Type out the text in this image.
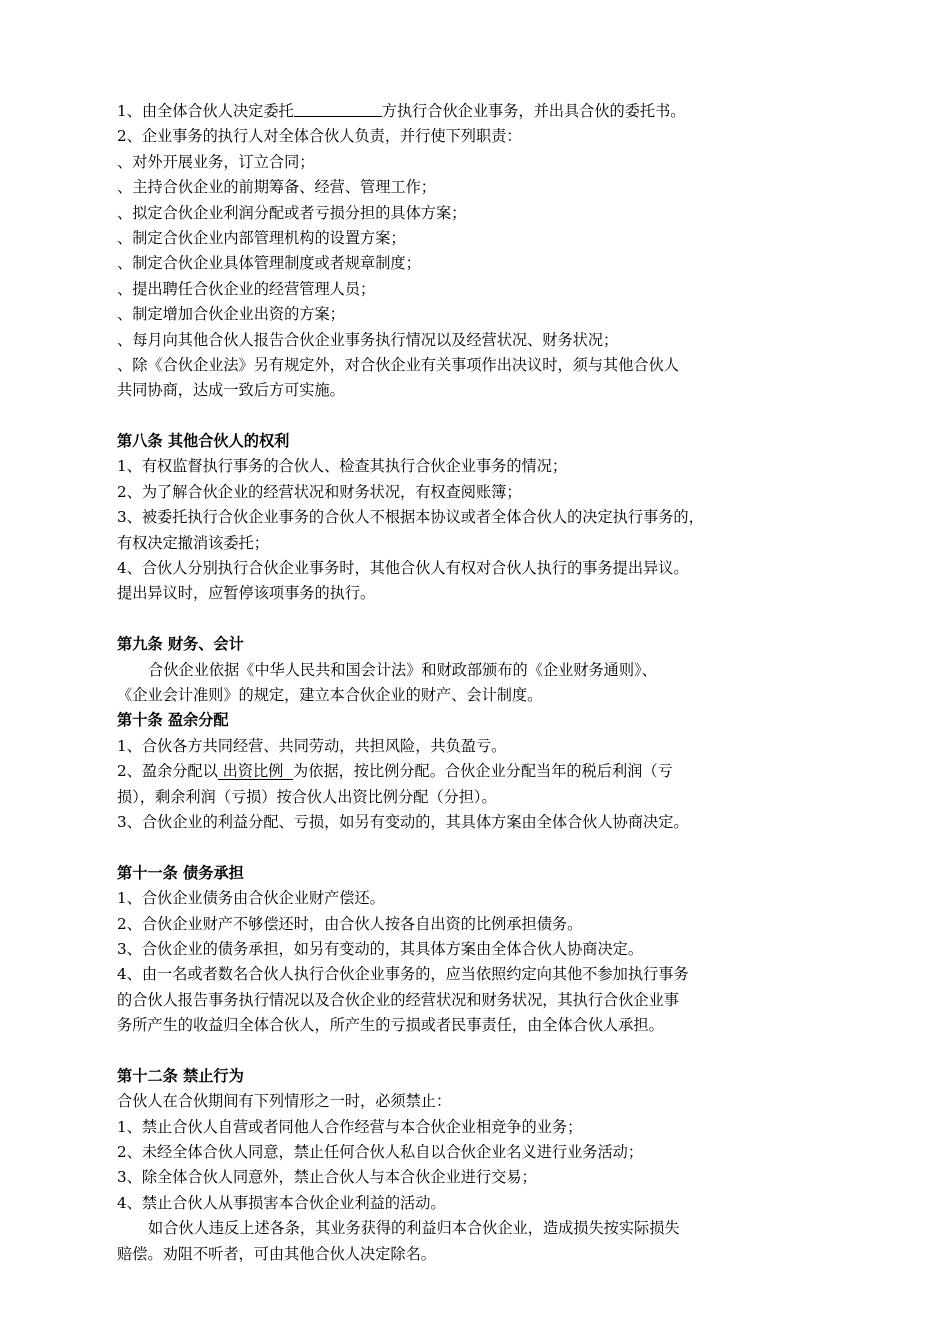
1、由全体合伙人决定委托	方执行合伙企业事务，并出具合伙的委托书。
2、企业事务的执行人对全体合伙人负责，并行使下列职责：
、对外开展业务，订立合同；
、主持合伙企业的前期筹备、经营、管理工作；
、拟定合伙企业利润分配或者亏损分担的具体方案；
、制定合伙企业内部管理机构的设置方案；
、制定合伙企业具体管理制度或者规章制度；
、提出聘任合伙企业的经营管理人员；
、制定增加合伙企业出资的方案；
、每月向其他合伙人报告合伙企业事务执行情况以及经营状况、财务状况；
、除《合伙企业法》另有规定外，对合伙企业有关事项作出决议时，须与其他合伙人
共同协商，达成一致后方可实施。
第八条 其他合伙人的权利
1、有权监督执行事务的合伙人、检查其执行合伙企业事务的情况；
2、为了解合伙企业的经营状况和财务状况，有权查阅账簿；
3、被委托执行合伙企业事务的合伙人不根据本协议或者全体合伙人的决定执行事务的，
有权决定撤消该委托；
4、合伙人分别执行合伙企业事务时，其他合伙人有权对合伙人执行的事务提出异议。
提出异议时，应暂停该项事务的执行。
第九条 财务、会计
合伙企业依据《中华人民共和国会计法》和财政部颁布的《企业财务通则》、
《企业会计准则》的规定，建立本合伙企业的财产、会计制度。
第十条 盈余分配
1、合伙各方共同经营、共同劳动，共担风险，共负盈亏。
2、盈余分配以 出资比例  为依据，按比例分配。合伙企业分配当年的税后利润（亏
损），剩余利润（亏损）按合伙人出资比例分配（分担）。
3、合伙企业的利益分配、亏损，如另有变动的，其具体方案由全体合伙人协商决定。
第十一条 债务承担
1、合伙企业债务由合伙企业财产偿还。
2、合伙企业财产不够偿还时，由合伙人按各自出资的比例承担债务。
3、合伙企业的债务承担，如另有变动的，其具体方案由全体合伙人协商决定。
4、由一名或者数名合伙人执行合伙企业事务的，应当依照约定向其他不参加执行事务
的合伙人报告事务执行情况以及合伙企业的经营状况和财务状况，其执行合伙企业事
务所产生的收益归全体合伙人，所产生的亏损或者民事责任，由全体合伙人承担。
第十二条 禁止行为
合伙人在合伙期间有下列情形之一时，必须禁止：
1、禁止合伙人自营或者同他人合作经营与本合伙企业相竞争的业务；
2、未经全体合伙人同意，禁止任何合伙人私自以合伙企业名义进行业务活动；
3、除全体合伙人同意外，禁止合伙人与本合伙企业进行交易；
4、禁止合伙人从事损害本合伙企业利益的活动。
如合伙人违反上述各条，其业务获得的利益归本合伙企业，造成损失按实际损失
赔偿。劝阻不听者，可由其他合伙人决定除名。
